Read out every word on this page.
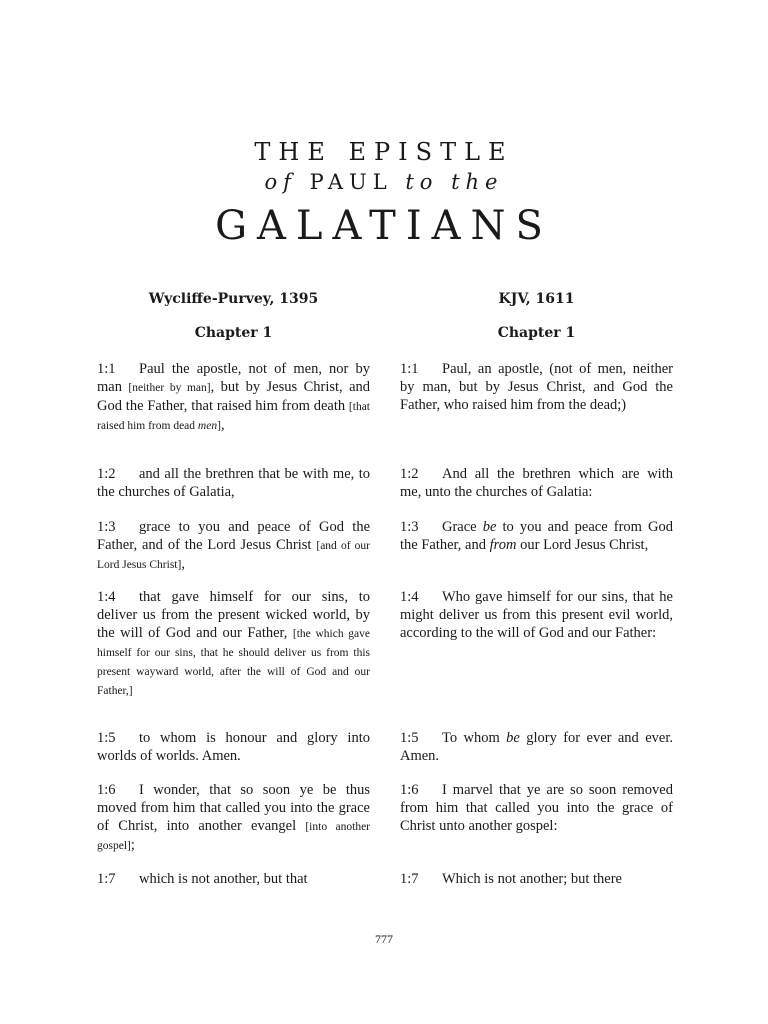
THE EPISTLE
of PAUL to the
GALATIANS
Wycliffe-Purvey, 1395
Chapter 1
1:1 Paul the apostle, not of men, nor by man [neither by man], but by Jesus Christ, and God the Father, that raised him from death [that raised him from dead men],
1:2 and all the brethren that be with me, to the churches of Galatia,
1:3 grace to you and peace of God the Father, and of the Lord Jesus Christ [and of our Lord Jesus Christ],
1:4 that gave himself for our sins, to deliver us from the present wicked world, by the will of God and our Father, [the which gave himself for our sins, that he should deliver us from this present wayward world, after the will of God and our Father,]
1:5 to whom is honour and glory into worlds of worlds. Amen.
1:6 I wonder, that so soon ye be thus moved from him that called you into the grace of Christ, into another evangel [into another gospel];
1:7 which is not another, but that
KJV, 1611
Chapter 1
1:1 Paul, an apostle, (not of men, neither by man, but by Jesus Christ, and God the Father, who raised him from the dead;)
1:2 And all the brethren which are with me, unto the churches of Galatia:
1:3 Grace be to you and peace from God the Father, and from our Lord Jesus Christ,
1:4 Who gave himself for our sins, that he might deliver us from this present evil world, according to the will of God and our Father:
1:5 To whom be glory for ever and ever. Amen.
1:6 I marvel that ye are so soon removed from him that called you into the grace of Christ unto another gospel:
1:7 Which is not another; but there
777
